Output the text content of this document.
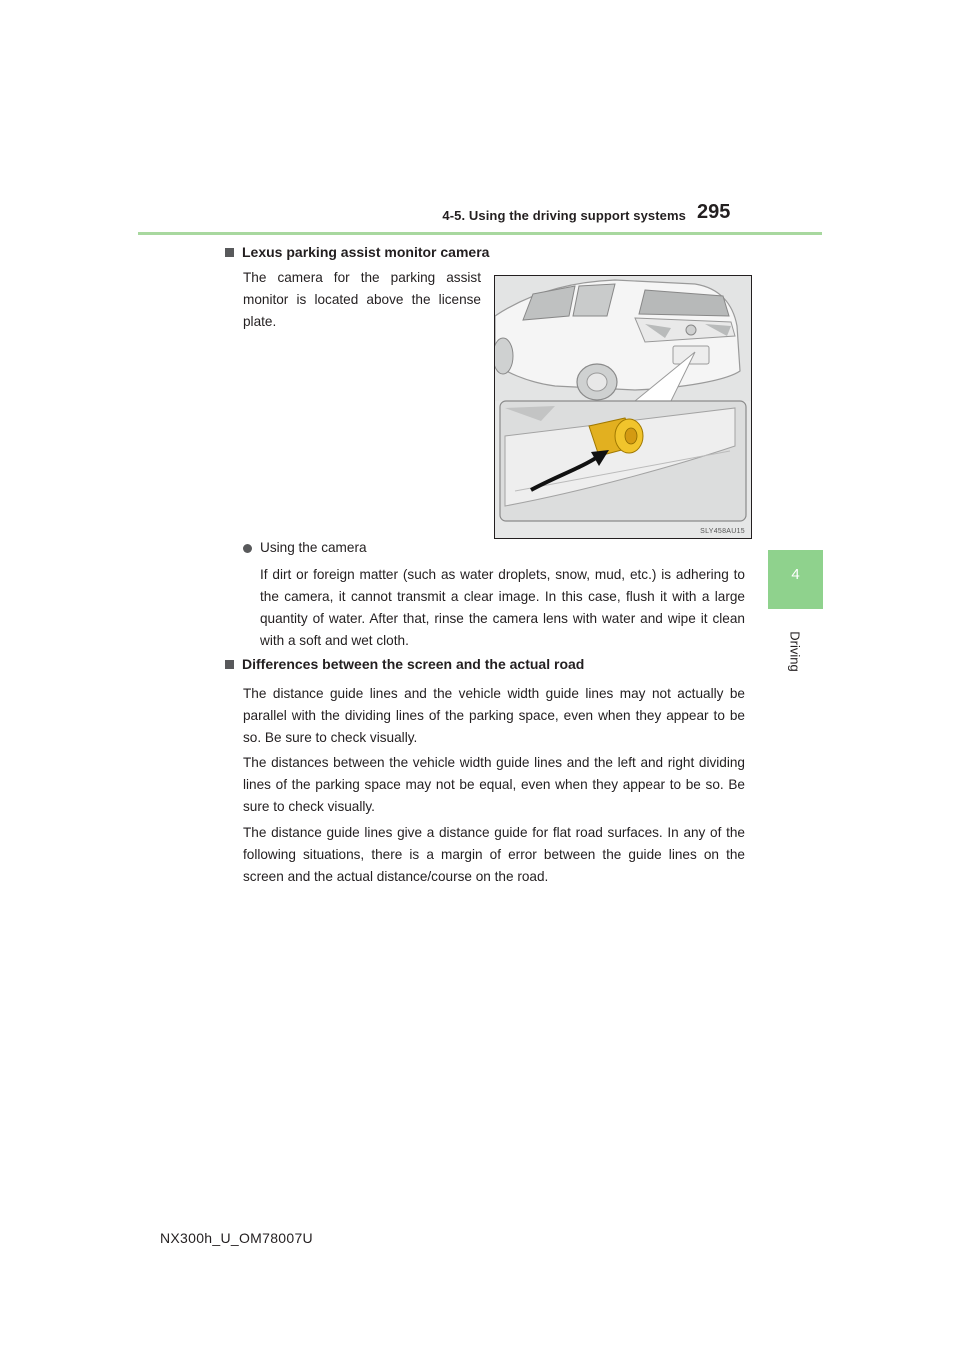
4-5. Using the driving support systems 295
4
Driving
Lexus parking assist monitor camera

The camera for the parking assist monitor is located above the license plate.

SLY458AU15
Using the camera

If dirt or foreign matter (such as water droplets, snow, mud, etc.) is adhering to the camera, it cannot transmit a clear image. In this case, flush it with a large quantity of water. After that, rinse the camera lens with water and wipe it clean with a soft and wet cloth.

Differences between the screen and the actual road

The distance guide lines and the vehicle width guide lines may not actually be parallel with the dividing lines of the parking space, even when they appear to be so. Be sure to check visually.

The distances between the vehicle width guide lines and the left and right dividing lines of the parking space may not be equal, even when they appear to be so. Be sure to check visually.

The distance guide lines give a distance guide for flat road surfaces. In any of the following situations, there is a margin of error between the guide lines on the screen and the actual distance/course on the road.

NX300h_U_OM78007U
